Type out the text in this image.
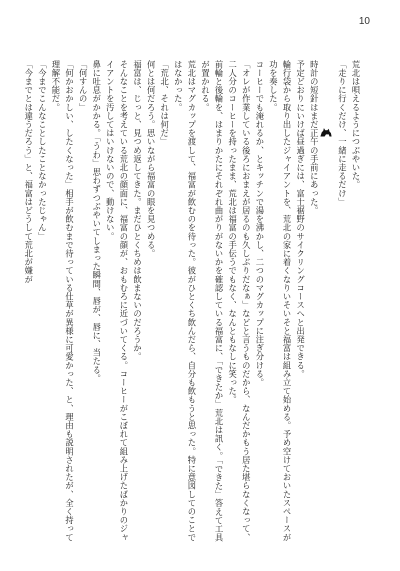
10

荒北は唄えるようにつぶやいた。

「走りに行くだけ、一緒に走るだけ」

時計の短針はまだ正午の手前にあった。

予定どおりにいけば昼過ぎには、富士裾野のサイクリングコースへと出発できる。

輪行袋から取り出したジャイアントを、荒北の家に着くなりいそいそと福富は組み立て始める。予め空けておいたスペースが功を奏した。

コーヒーでも淹れるか、とキッチンで湯を沸かし、二つのマグカップに注ぎ分ける。

「オレが作業している後ろにおまえが居るのも久しぶりだなぁ」などと言うものだから、なんだかもう居た堪らなくなって、二人分のコーヒーを持ったまま、荒北は福富の手伝うでもなく、なんともなしに笑った。

前輪と後輪を、はまりかたにそれぞれ曲がりがないかを確認している福富に、「できたか」荒北は訊く。「できた」答えて工具が置かれる。

荒北はマグカップを渡して、福富が飲むのを待った。彼がひとくち飲んだら、自分も飲もうと思った。特に意図してのことではなかった。

「荒北、それは何だ」

何とは何だろう。思いながら福富の眼を見つめる。

福富は、じっと、見つめ返してきた。まだひとくちめは飲まないのだろうか。

そんなことを考えている荒北の顔面に、福富の顔が、おもむろに近づいてくる。コーヒーがこぼれて組み上げたばかりのジャイアントを汚してはいけないので、動けない。

鼻に吐息がかかる。「うわ」思わずつぶやいてしまった瞬間、唇が、唇に、当たる。

「何すんの」

「何かおかしい、したくなった」相手が飲むまで待っている仕草が異様に可愛かった、と、理由も説明されたが、全く持って理解不能だ。

「今までこんなことしたことなかったじゃん」

「今までとは違うだろう」と、福富はどうして荒北が嫌が
